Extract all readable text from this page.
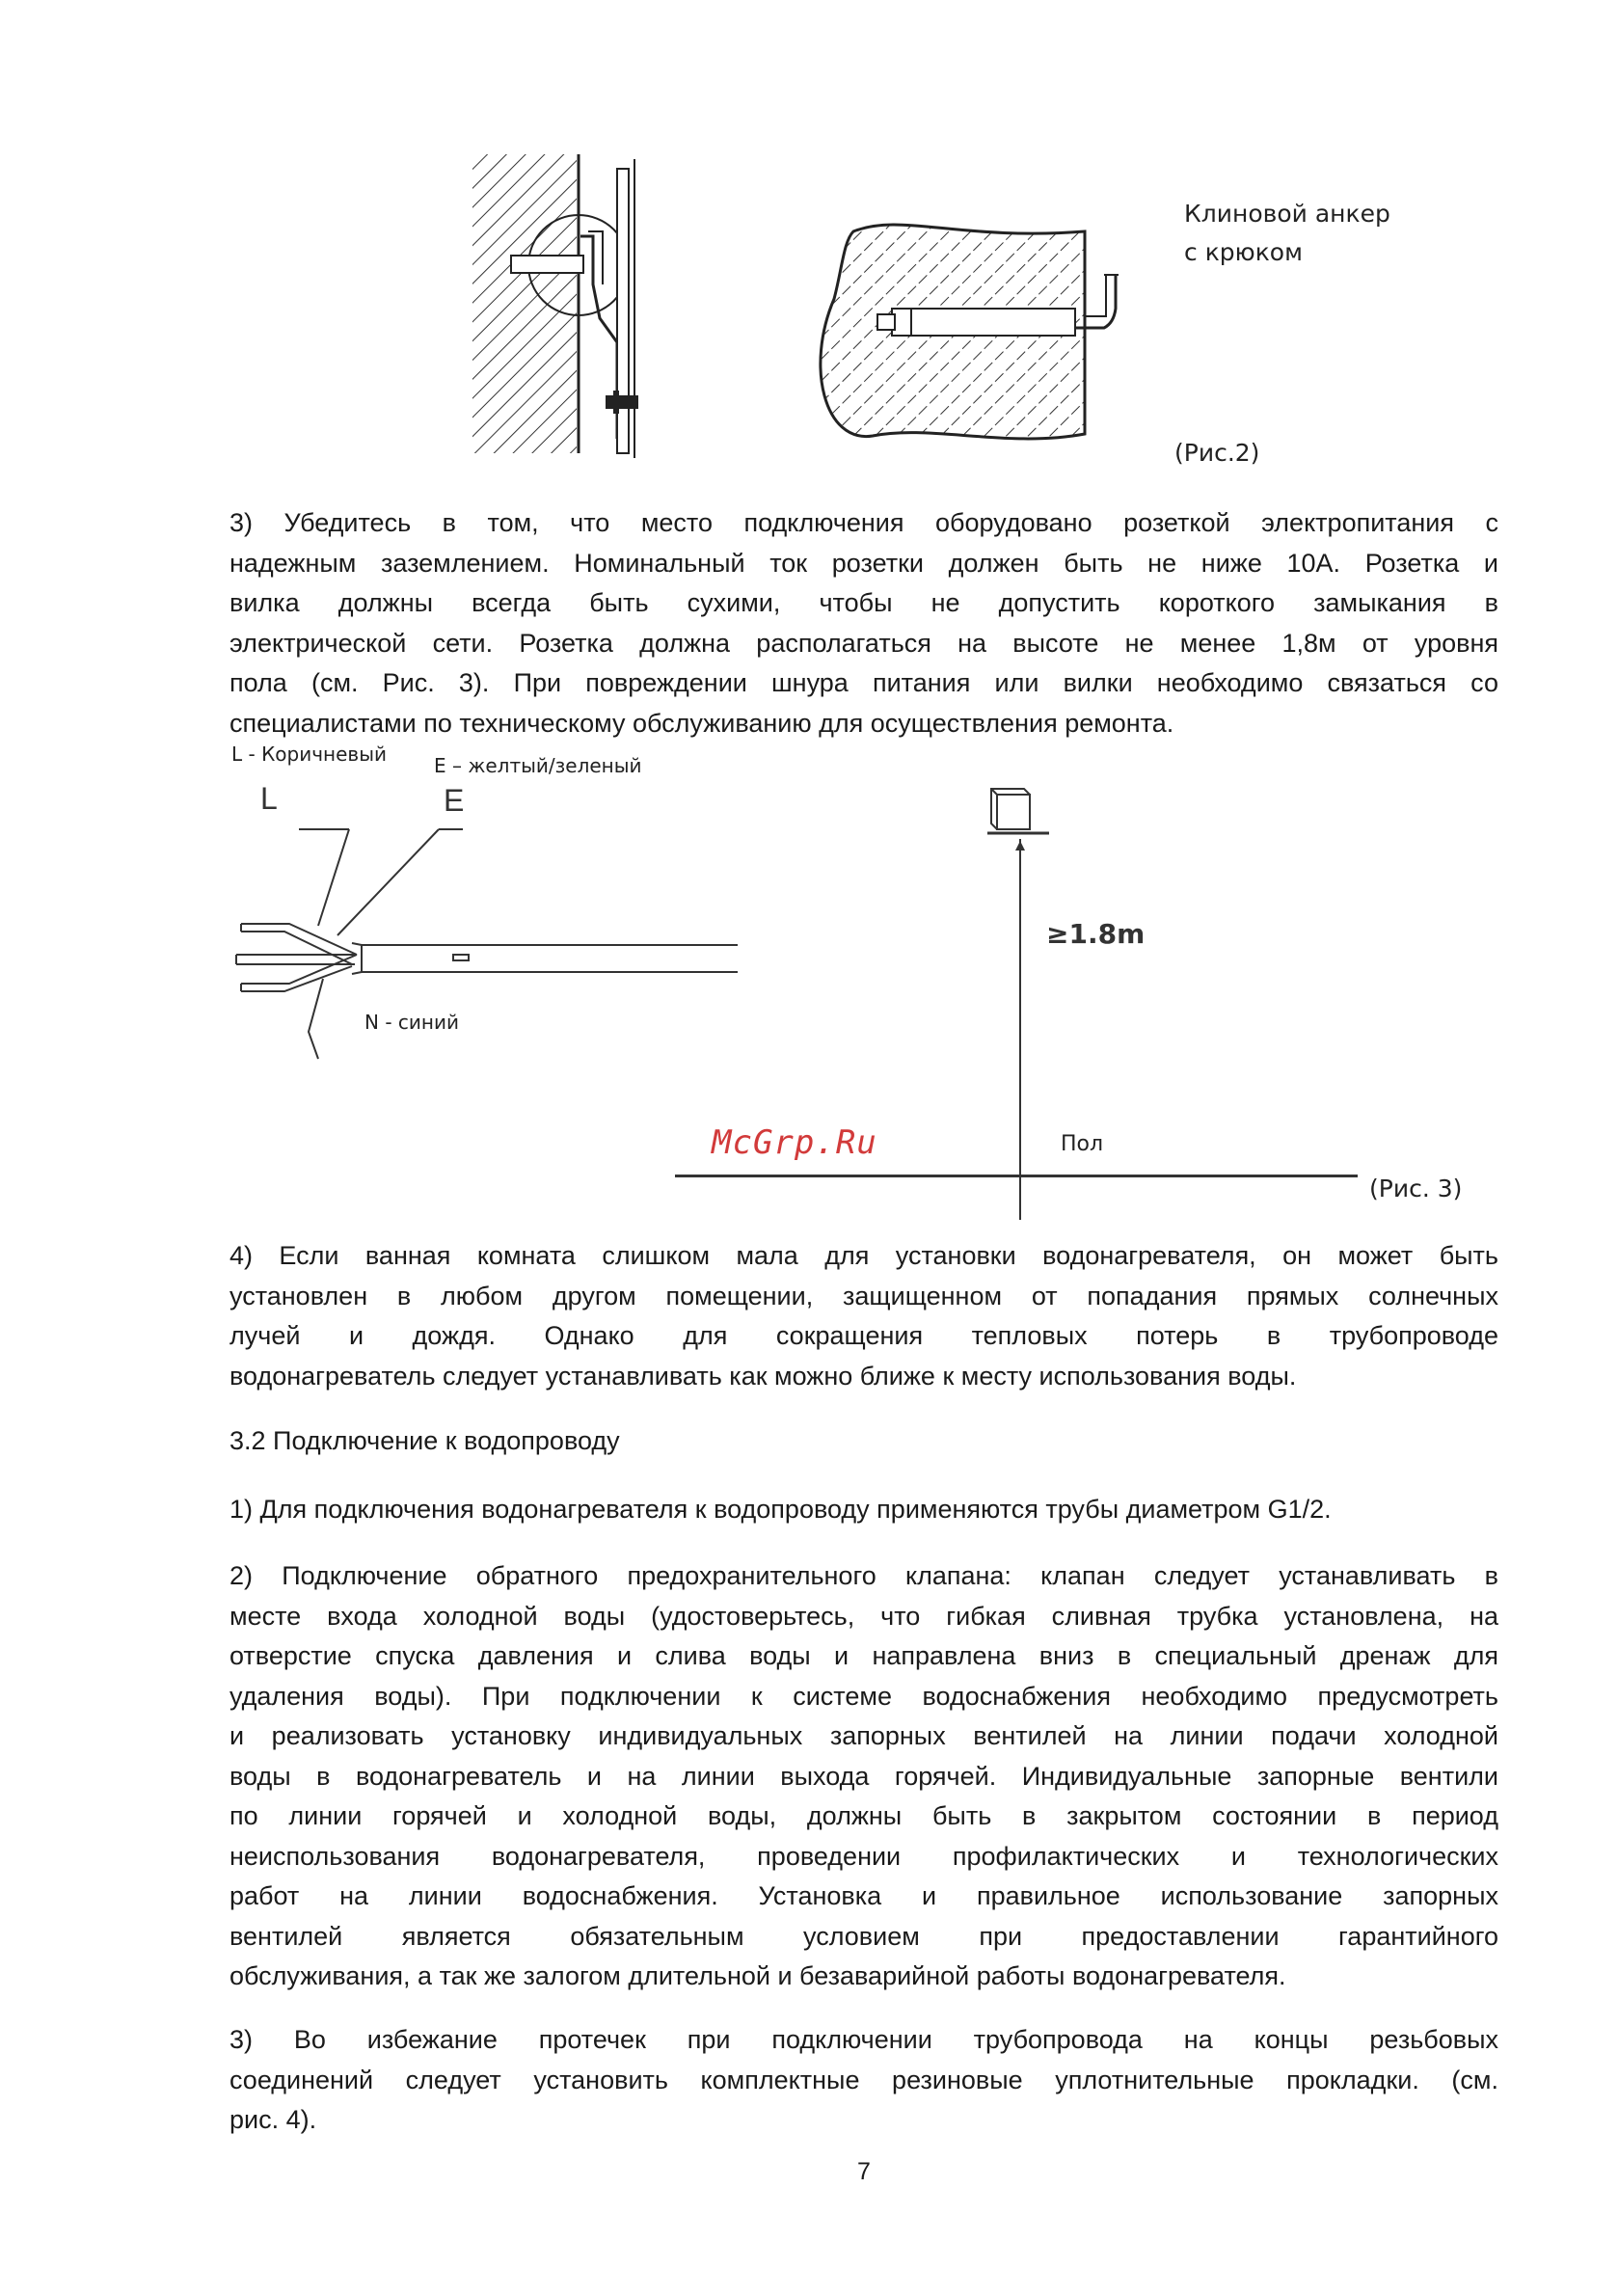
Клиновой анкер
с крюком
(Рис.2)
3) Убедитесь в том, что место подключения оборудовано розеткой электропитания с
надежным заземлением. Номинальный ток розетки должен быть не ниже 10А. Розетка и
вилка должны всегда быть сухими, чтобы не допустить короткого замыкания в
электрической сети. Розетка должна располагаться на высоте не менее 1,8м от уровня
пола (см. Рис. 3). При повреждении шнура питания или вилки необходимо связаться со
специалистами по техническому обслуживанию для осуществления ремонта.
L - Коричневый Е – желтый/зеленый
L	E
N - синий
≥1.8m
Пол
McGrp.Ru
(Рис. 3)
4) Если ванная комната слишком мала для установки водонагревателя, он может быть
установлен в любом другом помещении, защищенном от попадания прямых солнечных
лучей и дождя. Однако для сокращения тепловых потерь в трубопроводе
водонагреватель следует устанавливать как можно ближе к месту использования воды.
3.2 Подключение к водопроводу
1) Для подключения водонагревателя к водопроводу применяются трубы диаметром G1/2.
2) Подключение обратного предохранительного клапана: клапан следует устанавливать в
месте входа холодной воды (удостоверьтесь, что гибкая сливная трубка установлена, на
отверстие спуска давления и слива воды и направлена вниз в специальный дренаж для
удаления воды). При подключении к системе водоснабжения необходимо предусмотреть
и реализовать установку индивидуальных запорных вентилей на линии подачи холодной
воды в водонагреватель и на линии выхода горячей. Индивидуальные запорные вентили
по линии горячей и холодной воды, должны быть в закрытом состоянии в период
неиспользования водонагревателя, проведении профилактических и технологических
работ на линии водоснабжения. Установка и правильное использование запорных
вентилей является обязательным условием при предоставлении гарантийного
обслуживания, а так же залогом длительной и безаварийной работы водонагревателя.
3) Во избежание протечек при подключении трубопровода на концы резьбовых
соединений следует установить комплектные резиновые уплотнительные прокладки. (см.
рис. 4).
7
